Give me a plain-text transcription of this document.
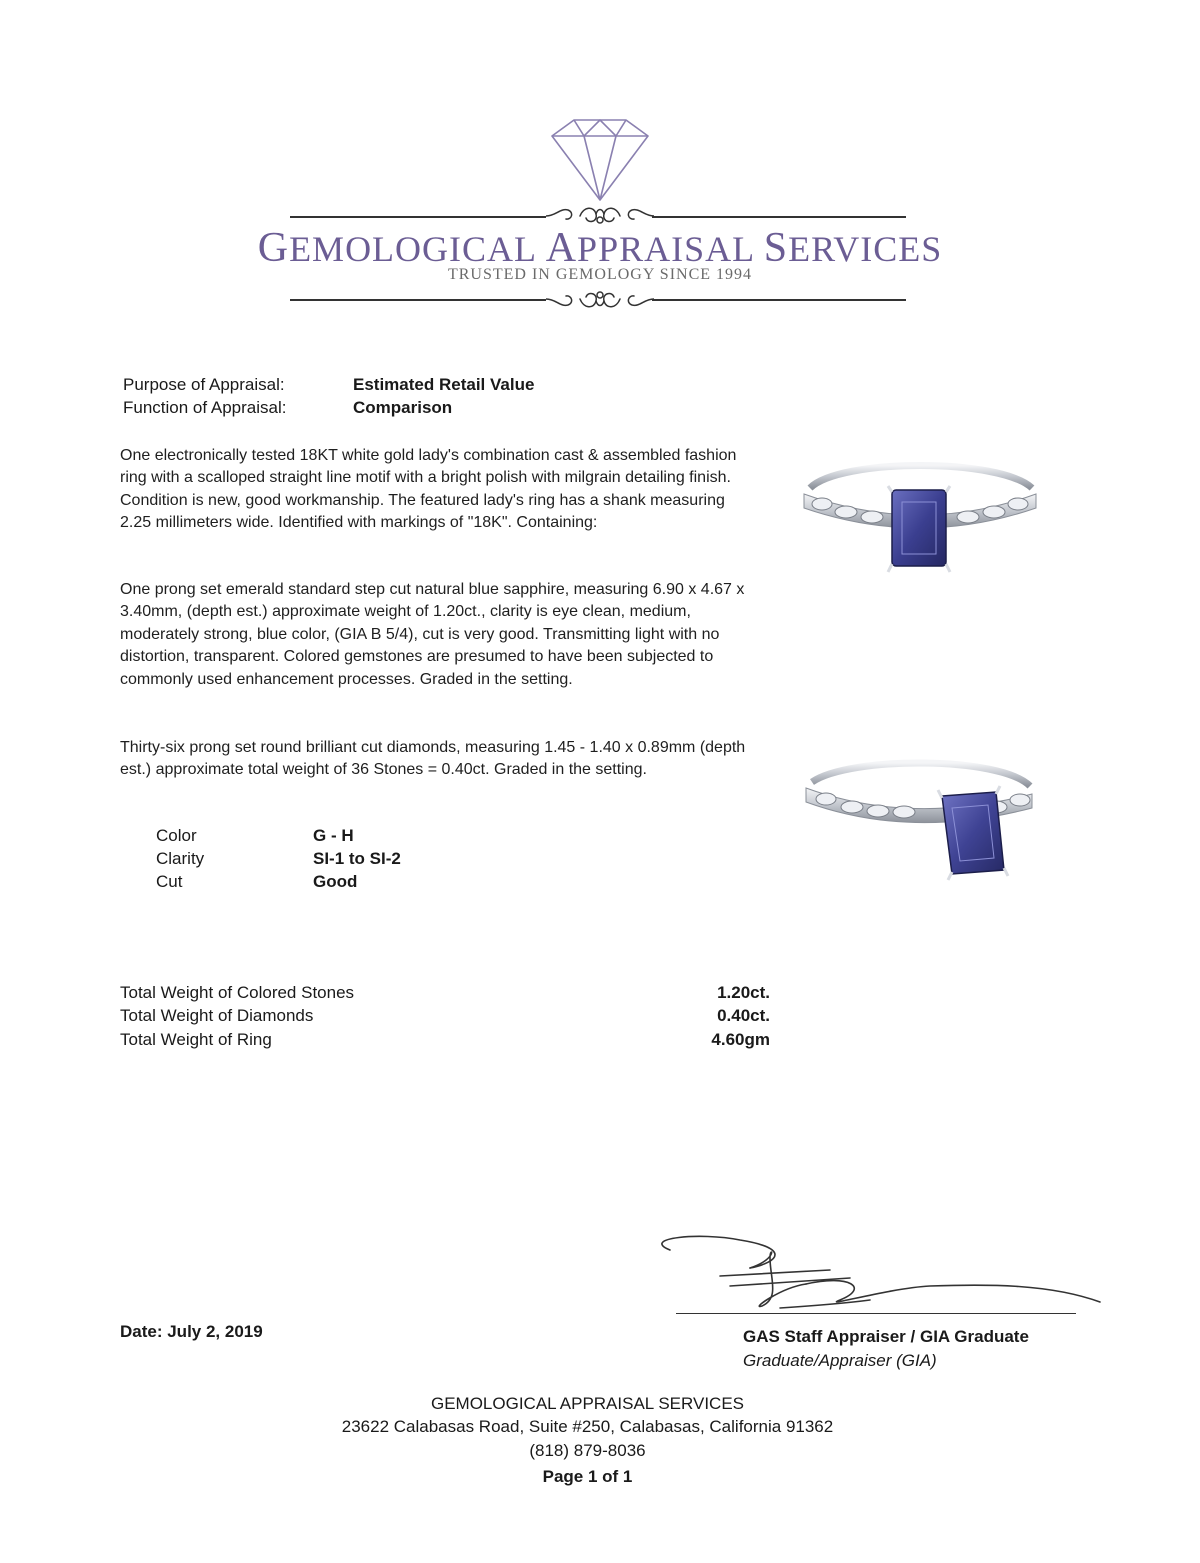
GEMOLOGICAL APPRAISAL SERVICES
TRUSTED IN GEMOLOGY SINCE 1994
Purpose of Appraisal:	Estimated Retail Value
Function of Appraisal:	Comparison

One electronically tested 18KT white gold lady's combination cast & assembled fashion ring with a scalloped straight line motif with a bright polish with milgrain detailing finish. Condition is new, good workmanship. The featured lady's ring has a shank measuring 2.25 millimeters wide. Identified with markings of "18K". Containing:

One prong set emerald standard step cut natural blue sapphire, measuring 6.90 x 4.67 x 3.40mm, (depth est.) approximate weight of 1.20ct., clarity is eye clean, medium, moderately strong, blue color, (GIA B 5/4), cut is very good. Transmitting light with no distortion, transparent. Colored gemstones are presumed to have been subjected to commonly used enhancement processes. Graded in the setting.

Thirty-six prong set round brilliant cut diamonds, measuring 1.45 - 1.40 x 0.89mm (depth est.) approximate total weight of 36 Stones = 0.40ct. Graded in the setting.

Color	G - H
Clarity	SI-1 to SI-2
Cut	Good
Total Weight of Colored Stones	1.20ct.
Total Weight of Diamonds	0.40ct.
Total Weight of Ring	4.60gm
Date: July 2, 2019	GAS Staff Appraiser / GIA Graduate
Graduate/Appraiser (GIA)
GEMOLOGICAL APPRAISAL SERVICES
23622 Calabasas Road, Suite #250, Calabasas, California 91362
(818) 879-8036
Page 1 of 1
